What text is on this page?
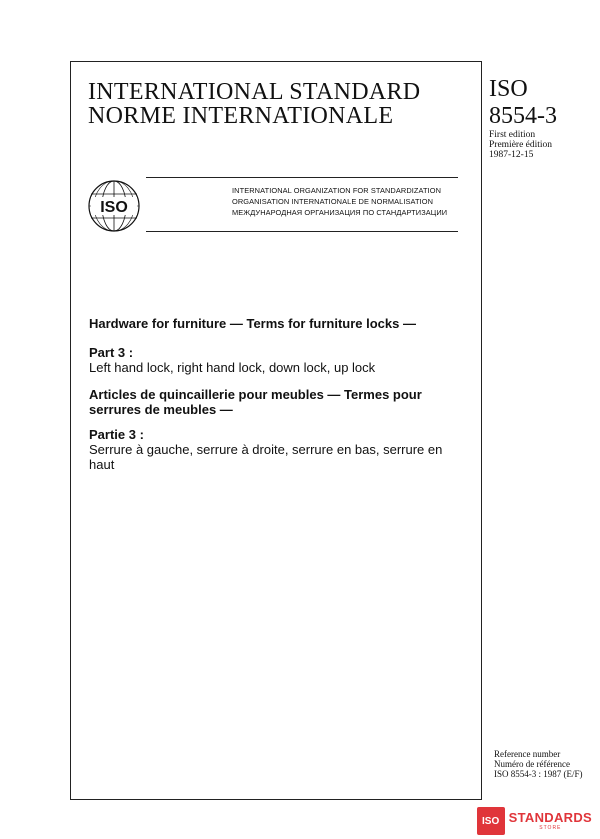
INTERNATIONAL STANDARD
NORME INTERNATIONALE
ISO
8554-3
First edition
Première édition
1987-12-15
ISO
INTERNATIONAL ORGANIZATION FOR STANDARDIZATION
ORGANISATION INTERNATIONALE DE NORMALISATION
МЕЖДУНАРОДНАЯ ОРГАНИЗАЦИЯ ПО СТАНДАРТИЗАЦИИ
Hardware for furniture — Terms for furniture locks —
Part 3 :
Left hand lock, right hand lock, down lock, up lock
Articles de quincaillerie pour meubles — Termes pour serrures de meubles —
Partie 3 :
Serrure à gauche, serrure à droite, serrure en bas, serrure en haut
Reference number
Numéro de référence
ISO 8554-3 : 1987 (E/F)
ISO STANDARDS
STORE
